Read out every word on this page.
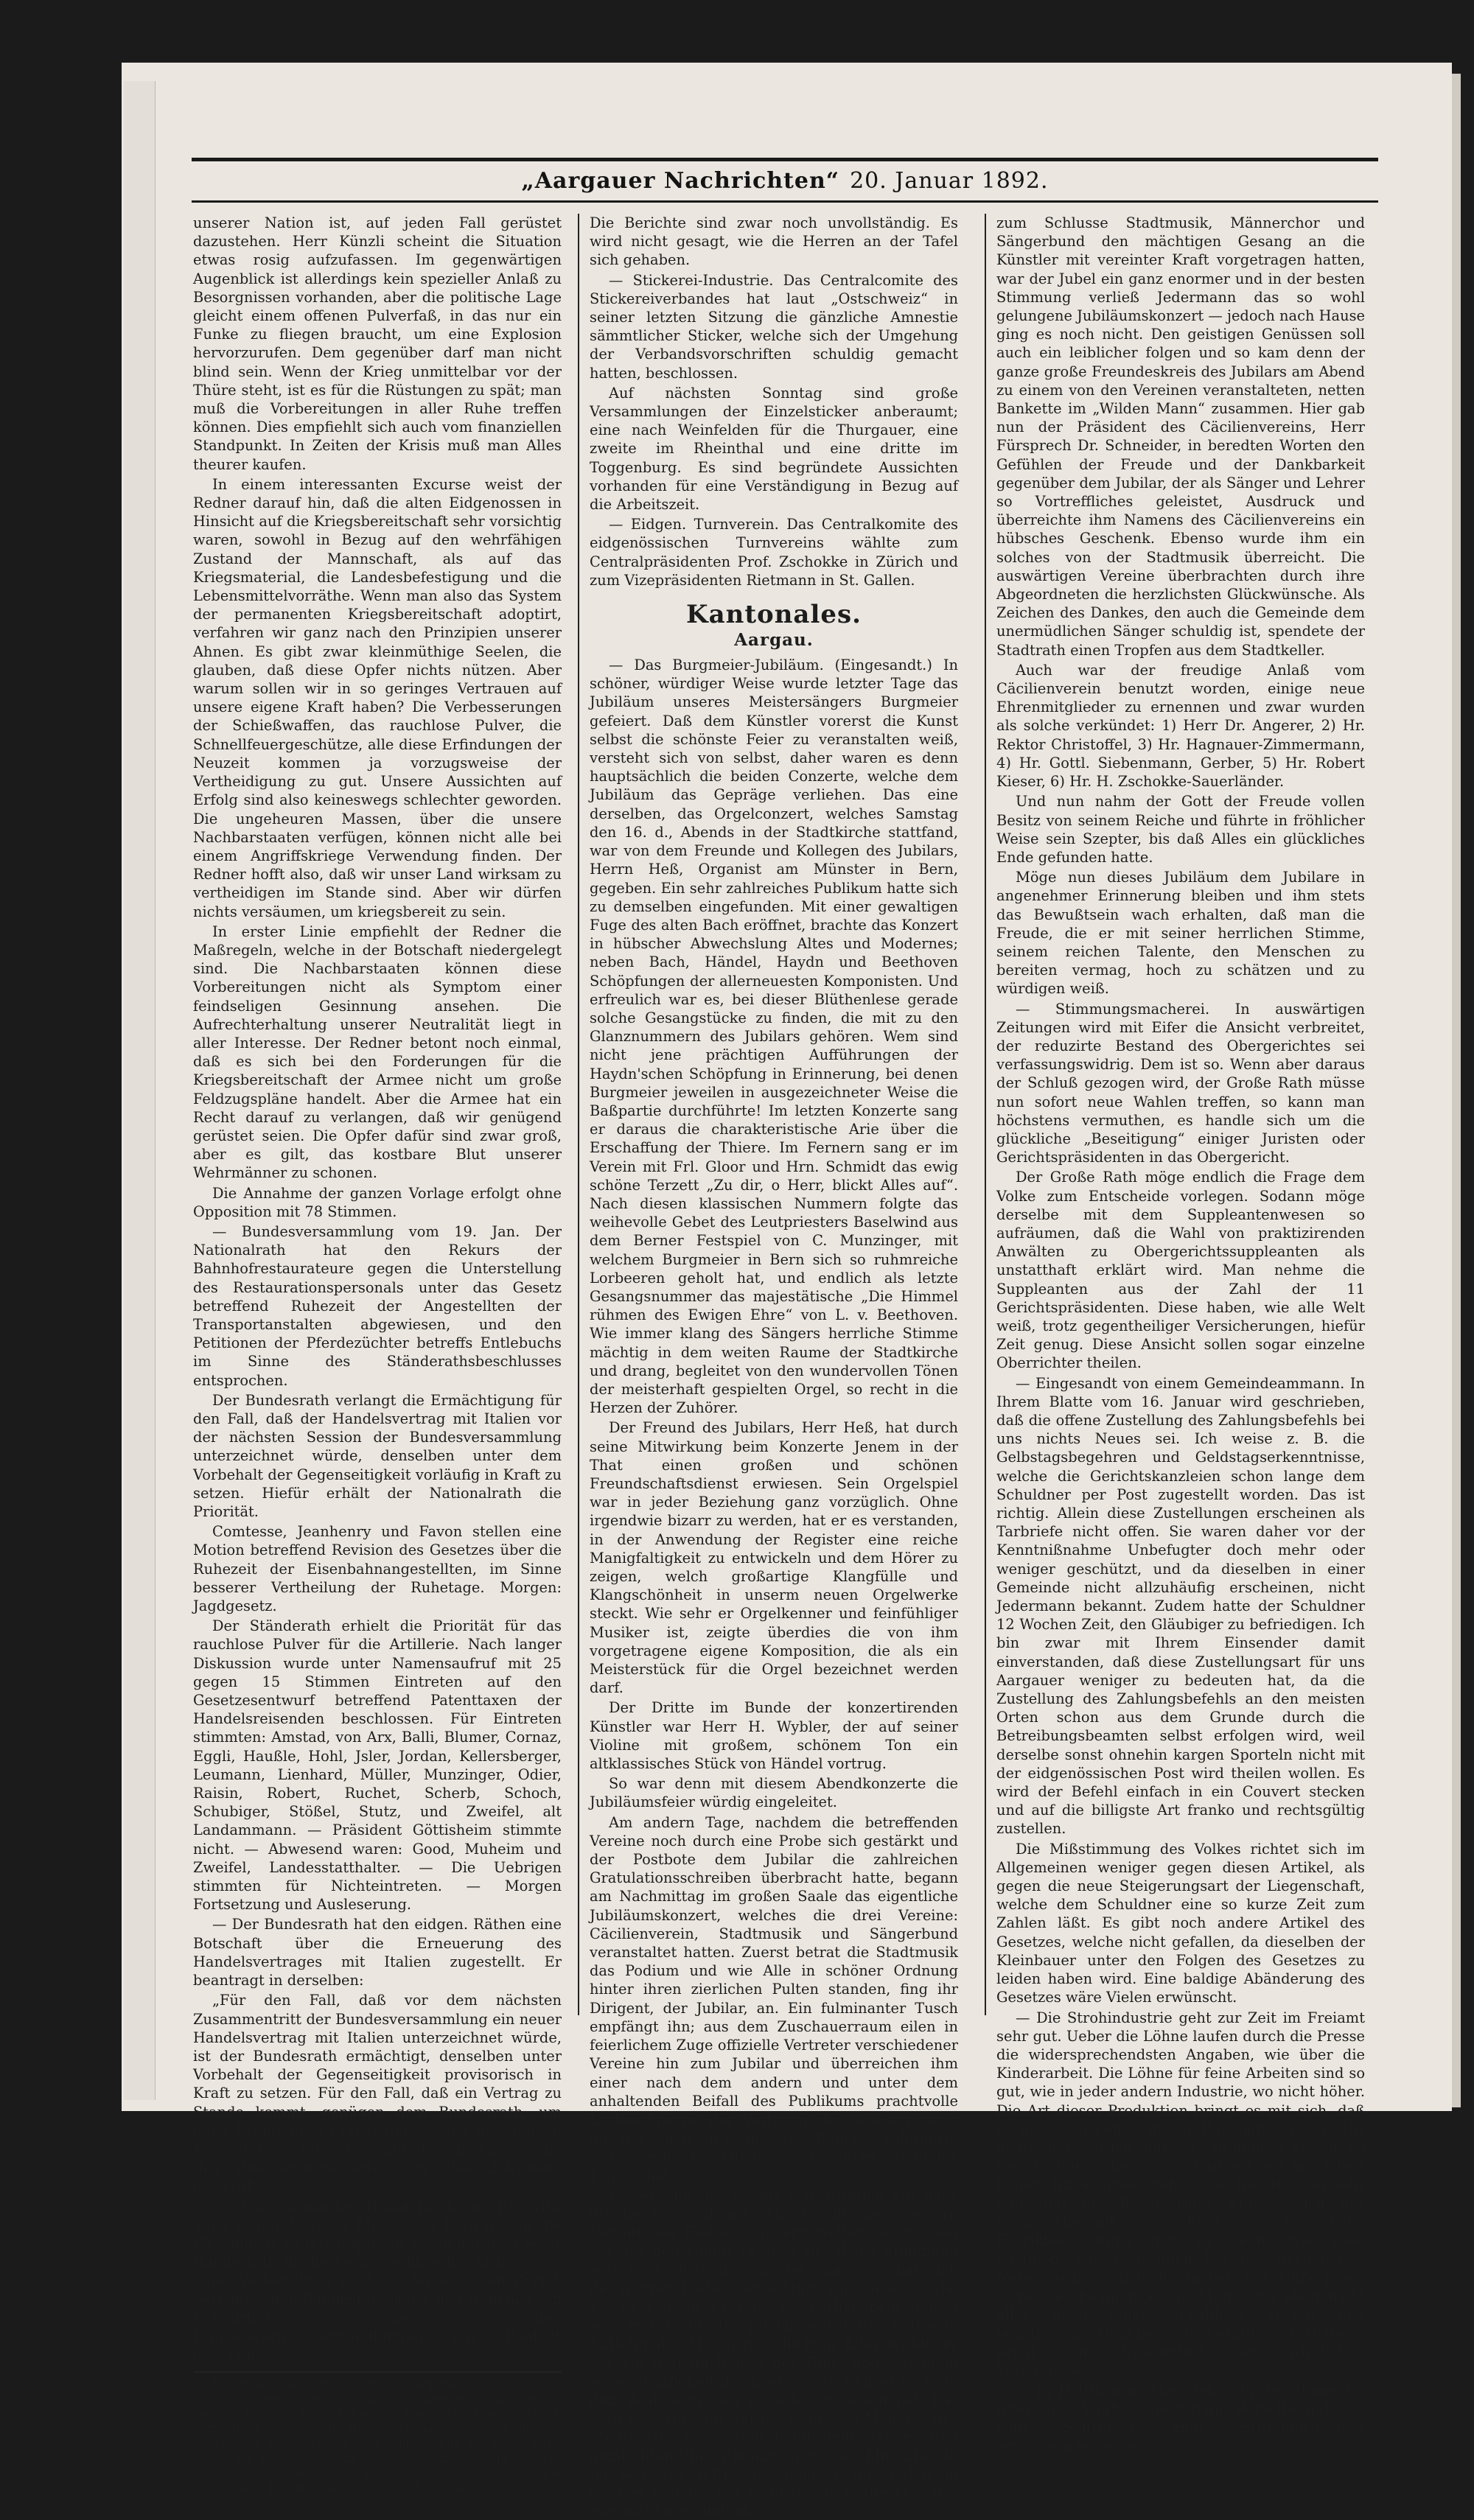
„Aargauer Nachrichten“ 20. Januar 1892.

unserer Nation ist, auf jeden Fall gerüstet dazustehen. Herr Künzli scheint die Situation etwas rosig aufzufassen. Im gegenwärtigen Augenblick ist allerdings kein spezieller Anlaß zu Besorgnissen vorhanden, aber die politische Lage gleicht einem offenen Pulverfaß, in das nur ein Funke zu fliegen braucht, um eine Explosion hervorzurufen. Dem gegenüber darf man nicht blind sein. Wenn der Krieg unmittelbar vor der Thüre steht, ist es für die Rüstungen zu spät; man muß die Vorbereitungen in aller Ruhe treffen können. Dies empfiehlt sich auch vom finanziellen Standpunkt. In Zeiten der Krisis muß man Alles theurer kaufen.

In einem interessanten Excurse weist der Redner darauf hin, daß die alten Eidgenossen in Hinsicht auf die Kriegsbereitschaft sehr vorsichtig waren, sowohl in Bezug auf den wehrfähigen Zustand der Mannschaft, als auf das Kriegsmaterial, die Landesbefestigung und die Lebensmittelvorräthe. Wenn man also das System der permanenten Kriegsbereitschaft adoptirt, verfahren wir ganz nach den Prinzipien unserer Ahnen. Es gibt zwar kleinmüthige Seelen, die glauben, daß diese Opfer nichts nützen. Aber warum sollen wir in so geringes Vertrauen auf unsere eigene Kraft haben? Die Verbesserungen der Schießwaffen, das rauchlose Pulver, die Schnellfeuergeschütze, alle diese Erfindungen der Neuzeit kommen ja vorzugsweise der Vertheidigung zu gut. Unsere Aussichten auf Erfolg sind also keineswegs schlechter geworden. Die ungeheuren Massen, über die unsere Nachbarstaaten verfügen, können nicht alle bei einem Angriffskriege Verwendung finden. Der Redner hofft also, daß wir unser Land wirksam zu vertheidigen im Stande sind. Aber wir dürfen nichts versäumen, um kriegsbereit zu sein.

In erster Linie empfiehlt der Redner die Maßregeln, welche in der Botschaft niedergelegt sind. Die Nachbarstaaten können diese Vorbereitungen nicht als Symptom einer feindseligen Gesinnung ansehen. Die Aufrechterhaltung unserer Neutralität liegt in aller Interesse. Der Redner betont noch einmal, daß es sich bei den Forderungen für die Kriegsbereitschaft der Armee nicht um große Feldzugspläne handelt. Aber die Armee hat ein Recht darauf zu verlangen, daß wir genügend gerüstet seien. Die Opfer dafür sind zwar groß, aber es gilt, das kostbare Blut unserer Wehrmänner zu schonen.

Die Annahme der ganzen Vorlage erfolgt ohne Opposition mit 78 Stimmen.

— Bundesversammlung vom 19. Jan. Der Nationalrath hat den Rekurs der Bahnhofrestaurateure gegen die Unterstellung des Restaurationspersonals unter das Gesetz betreffend Ruhezeit der Angestellten der Transportanstalten abgewiesen, und den Petitionen der Pferdezüchter betreffs Entlebuchs im Sinne des Ständerathsbeschlusses entsprochen.

Der Bundesrath verlangt die Ermächtigung für den Fall, daß der Handelsvertrag mit Italien vor der nächsten Session der Bundesversammlung unterzeichnet würde, denselben unter dem Vorbehalt der Gegenseitigkeit vorläufig in Kraft zu setzen. Hiefür erhält der Nationalrath die Priorität.

Comtesse, Jeanhenry und Favon stellen eine Motion betreffend Revision des Gesetzes über die Ruhezeit der Eisenbahnangestellten, im Sinne besserer Vertheilung der Ruhetage. Morgen: Jagdgesetz.

Der Ständerath erhielt die Priorität für das rauchlose Pulver für die Artillerie. Nach langer Diskussion wurde unter Namensaufruf mit 25 gegen 15 Stimmen Eintreten auf den Gesetzesentwurf betreffend Patenttaxen der Handelsreisenden beschlossen. Für Eintreten stimmten: Amstad, von Arx, Balli, Blumer, Cornaz, Eggli, Haußle, Hohl, Jsler, Jordan, Kellersberger, Leumann, Lienhard, Müller, Munzinger, Odier, Raisin, Robert, Ruchet, Scherb, Schoch, Schubiger, Stößel, Stutz, und Zweifel, alt Landammann. — Präsident Göttisheim stimmte nicht. — Abwesend waren: Good, Muheim und Zweifel, Landesstatthalter. — Die Uebrigen stimmten für Nichteintreten. — Morgen Fortsetzung und Ausleserung.

— Der Bundesrath hat den eidgen. Räthen eine Botschaft über die Erneuerung des Handelsvertrages mit Italien zugestellt. Er beantragt in derselben:

„Für den Fall, daß vor dem nächsten Zusammentritt der Bundesversammlung ein neuer Handelsvertrag mit Italien unterzeichnet würde, ist der Bundesrath ermächtigt, denselben unter Vorbehalt der Gegenseitigkeit provisorisch in Kraft zu setzen. Für den Fall, daß ein Vertrag zu Stande kommt, genügen dem Bundesrath, um jeder Eventualität zu begegnen, seine allgemeinen Kompetenzen im Verein mit denjenigen, welche ihm das Bundesgesetz über das Zollwesen gewährt.“

— Eidgenössische Hofnachrichten. Es wird auch in der Schweiz Mode, von Bern aus in die Welt hinaus zu telegraphiren, wenn der oder jener Bundesrath in die Ferien geht, oder zu der oder jener Verhandlung reist 2c. So wird von Zürich berichtet, der Bundesrath habe den italienischen Delegirten bei den Handelsvertragsverhandlungen ein Bankett gegeben.

Brautstand damit zubringen, uns gegenseitig zu ironisiren, und mit unseren Gefühlen zu experimentiren!, „Ah, das ist Deine Schuld und Deine Erfindung. Aber Du hast mich wirklich allmählig dazu vermocht, dieser Art und Weise auch eigenen Geschmack abzugewinnen. Ich begreife nur den guten Papa nicht, der einem so warm empfindenden Geschöpf wie Dir gegenüber so lange schwankt, statt Dich sofort in die herrlichsten Träume von einem zukünftigen Glück wiegt.“

Die Berichte sind zwar noch unvollständig. Es wird nicht gesagt, wie die Herren an der Tafel sich gehaben.

— Stickerei-Industrie. Das Centralcomite des Stickereiverbandes hat laut „Ostschweiz“ in seiner letzten Sitzung die gänzliche Amnestie sämmtlicher Sticker, welche sich der Umgehung der Verbandsvorschriften schuldig gemacht hatten, beschlossen.

Auf nächsten Sonntag sind große Versammlungen der Einzelsticker anberaumt; eine nach Weinfelden für die Thurgauer, eine zweite im Rheinthal und eine dritte im Toggenburg. Es sind begründete Aussichten vorhanden für eine Verständigung in Bezug auf die Arbeitszeit.

— Eidgen. Turnverein. Das Centralkomite des eidgenössischen Turnvereins wählte zum Centralpräsidenten Prof. Zschokke in Zürich und zum Vizepräsidenten Rietmann in St. Gallen.

Kantonales.
Aargau.

— Das Burgmeier-Jubiläum. (Eingesandt.) In schöner, würdiger Weise wurde letzter Tage das Jubiläum unseres Meistersängers Burgmeier gefeiert. Daß dem Künstler vorerst die Kunst selbst die schönste Feier zu veranstalten weiß, versteht sich von selbst, daher waren es denn hauptsächlich die beiden Conzerte, welche dem Jubiläum das Gepräge verliehen. Das eine derselben, das Orgelconzert, welches Samstag den 16. d., Abends in der Stadtkirche stattfand, war von dem Freunde und Kollegen des Jubilars, Herrn Heß, Organist am Münster in Bern, gegeben. Ein sehr zahlreiches Publikum hatte sich zu demselben eingefunden. Mit einer gewaltigen Fuge des alten Bach eröffnet, brachte das Konzert in hübscher Abwechslung Altes und Modernes; neben Bach, Händel, Haydn und Beethoven Schöpfungen der allerneuesten Komponisten. Und erfreulich war es, bei dieser Blüthenlese gerade solche Gesangstücke zu finden, die mit zu den Glanznummern des Jubilars gehören. Wem sind nicht jene prächtigen Aufführungen der Haydn'schen Schöpfung in Erinnerung, bei denen Burgmeier jeweilen in ausgezeichneter Weise die Baßpartie durchführte! Im letzten Konzerte sang er daraus die charakteristische Arie über die Erschaffung der Thiere. Im Fernern sang er im Verein mit Frl. Gloor und Hrn. Schmidt das ewig schöne Terzett „Zu dir, o Herr, blickt Alles auf“. Nach diesen klassischen Nummern folgte das weihevolle Gebet des Leutpriesters Baselwind aus dem Berner Festspiel von C. Munzinger, mit welchem Burgmeier in Bern sich so ruhmreiche Lorbeeren geholt hat, und endlich als letzte Gesangsnummer das majestätische „Die Himmel rühmen des Ewigen Ehre“ von L. v. Beethoven. Wie immer klang des Sängers herrliche Stimme mächtig in dem weiten Raume der Stadtkirche und drang, begleitet von den wundervollen Tönen der meisterhaft gespielten Orgel, so recht in die Herzen der Zuhörer.

Der Freund des Jubilars, Herr Heß, hat durch seine Mitwirkung beim Konzerte Jenem in der That einen großen und schönen Freundschaftsdienst erwiesen. Sein Orgelspiel war in jeder Beziehung ganz vorzüglich. Ohne irgendwie bizarr zu werden, hat er es verstanden, in der Anwendung der Register eine reiche Manigfaltigkeit zu entwickeln und dem Hörer zu zeigen, welch großartige Klangfülle und Klangschönheit in unserm neuen Orgelwerke steckt. Wie sehr er Orgelkenner und feinfühliger Musiker ist, zeigte überdies die von ihm vorgetragene eigene Komposition, die als ein Meisterstück für die Orgel bezeichnet werden darf.

Der Dritte im Bunde der konzertirenden Künstler war Herr H. Wybler, der auf seiner Violine mit großem, schönem Ton ein altklassisches Stück von Händel vortrug.

So war denn mit diesem Abendkonzerte die Jubiläumsfeier würdig eingeleitet.

Am andern Tage, nachdem die betreffenden Vereine noch durch eine Probe sich gestärkt und der Postbote dem Jubilar die zahlreichen Gratulationsschreiben überbracht hatte, begann am Nachmittag im großen Saale das eigentliche Jubiläumskonzert, welches die drei Vereine: Cäcilienverein, Stadtmusik und Sängerbund veranstaltet hatten. Zuerst betrat die Stadtmusik das Podium und wie Alle in schöner Ordnung hinter ihren zierlichen Pulten standen, fing ihr Dirigent, der Jubilar, an. Ein fulminanter Tusch empfängt ihn; aus dem Zuschauerraum eilen in feierlichem Zuge offizielle Vertreter verschiedener Vereine hin zum Jubilar und überreichen ihm einer nach dem andern und unter dem anhaltenden Beifall des Publikums prachtvolle Lorbeerkränze, der Vertreter des Gesangvereins aus der einstigen Heimat des Jubilars, Solothurn, sogar ein krystallenes, in Silber gefaßtes Trinkgefäß.

Dieser einleitende Akt war wirklich ein ganz erhebender und wir wissen nun den weitern Verlauf des Festes schildern wollen, so müssen wir uns neuerdings in diese gehobene Stimmung versetzen, denn die gleiche Stimmung hat sich des ganzen Festes bemächtigt. Gingen schon die Vorträge der drei Vereine in so erhabenem Styl, so war erst recht der Jubilar selbst der gefeierte Mittelpunkt. Mit unermüdlichem Eifer wirkte er wie ein Gott im Reiche der Töne, und was er in seiner Thätigkeit geleistet, zeigte sich so recht in dem Andenken, das er sich geschaffen hat. Nie wird er vergessen werden in unsern Mauern. Der Stadtmusik, dem Sängerbund, dem Männer- und gemischten Chor, die alle einzeln als Mitwirkende im Konzerte auftraten, spendete das Publikum reichen Beifall. Den Männerchor wollte es sogar zweimal haben und als

zum Schlusse Stadtmusik, Männerchor und Sängerbund den mächtigen Gesang an die Künstler mit vereinter Kraft vorgetragen hatten, war der Jubel ein ganz enormer und in der besten Stimmung verließ Jedermann das so wohl gelungene Jubiläumskonzert — jedoch nach Hause ging es noch nicht. Den geistigen Genüssen soll auch ein leiblicher folgen und so kam denn der ganze große Freundeskreis des Jubilars am Abend zu einem von den Vereinen veranstalteten, netten Bankette im „Wilden Mann“ zusammen. Hier gab nun der Präsident des Cäcilienvereins, Herr Fürsprech Dr. Schneider, in beredten Worten den Gefühlen der Freude und der Dankbarkeit gegenüber dem Jubilar, der als Sänger und Lehrer so Vortreffliches geleistet, Ausdruck und überreichte ihm Namens des Cäcilienvereins ein hübsches Geschenk. Ebenso wurde ihm ein solches von der Stadtmusik überreicht. Die auswärtigen Vereine überbrachten durch ihre Abgeordneten die herzlichsten Glückwünsche. Als Zeichen des Dankes, den auch die Gemeinde dem unermüdlichen Sänger schuldig ist, spendete der Stadtrath einen Tropfen aus dem Stadtkeller.

Auch war der freudige Anlaß vom Cäcilienverein benutzt worden, einige neue Ehrenmitglieder zu ernennen und zwar wurden als solche verkündet: 1) Herr Dr. Angerer, 2) Hr. Rektor Christoffel, 3) Hr. Hagnauer-Zimmermann, 4) Hr. Gottl. Siebenmann, Gerber, 5) Hr. Robert Kieser, 6) Hr. H. Zschokke-Sauerländer.

Und nun nahm der Gott der Freude vollen Besitz von seinem Reiche und führte in fröhlicher Weise sein Szepter, bis daß Alles ein glückliches Ende gefunden hatte.

Möge nun dieses Jubiläum dem Jubilare in angenehmer Erinnerung bleiben und ihm stets das Bewußtsein wach erhalten, daß man die Freude, die er mit seiner herrlichen Stimme, seinem reichen Talente, den Menschen zu bereiten vermag, hoch zu schätzen und zu würdigen weiß.

— Stimmungsmacherei. In auswärtigen Zeitungen wird mit Eifer die Ansicht verbreitet, der reduzirte Bestand des Obergerichtes sei verfassungswidrig. Dem ist so. Wenn aber daraus der Schluß gezogen wird, der Große Rath müsse nun sofort neue Wahlen treffen, so kann man höchstens vermuthen, es handle sich um die glückliche „Beseitigung“ einiger Juristen oder Gerichtspräsidenten in das Obergericht.

Der Große Rath möge endlich die Frage dem Volke zum Entscheide vorlegen. Sodann möge derselbe mit dem Suppleantenwesen so aufräumen, daß die Wahl von praktizirenden Anwälten zu Obergerichtssuppleanten als unstatthaft erklärt wird. Man nehme die Suppleanten aus der Zahl der 11 Gerichtspräsidenten. Diese haben, wie alle Welt weiß, trotz gegentheiliger Versicherungen, hiefür Zeit genug. Diese Ansicht sollen sogar einzelne Oberrichter theilen.

— Eingesandt von einem Gemeindeammann. In Ihrem Blatte vom 16. Januar wird geschrieben, daß die offene Zustellung des Zahlungsbefehls bei uns nichts Neues sei. Ich weise z. B. die Gelbstagsbegehren und Geldstagserkenntnisse, welche die Gerichtskanzleien schon lange dem Schuldner per Post zugestellt worden. Das ist richtig. Allein diese Zustellungen erscheinen als Tarbriefe nicht offen. Sie waren daher vor der Kenntnißnahme Unbefugter doch mehr oder weniger geschützt, und da dieselben in einer Gemeinde nicht allzuhäufig erscheinen, nicht Jedermann bekannt. Zudem hatte der Schuldner 12 Wochen Zeit, den Gläubiger zu befriedigen. Ich bin zwar mit Ihrem Einsender damit einverstanden, daß diese Zustellungsart für uns Aargauer weniger zu bedeuten hat, da die Zustellung des Zahlungsbefehls an den meisten Orten schon aus dem Grunde durch die Betreibungsbeamten selbst erfolgen wird, weil derselbe sonst ohnehin kargen Sporteln nicht mit der eidgenössischen Post wird theilen wollen. Es wird der Befehl einfach in ein Couvert stecken und auf die billigste Art franko und rechtsgültig zustellen.

Die Mißstimmung des Volkes richtet sich im Allgemeinen weniger gegen diesen Artikel, als gegen die neue Steigerungsart der Liegenschaft, welche dem Schuldner eine so kurze Zeit zum Zahlen läßt. Es gibt noch andere Artikel des Gesetzes, welche nicht gefallen, da dieselben der Kleinbauer unter den Folgen des Gesetzes zu leiden haben wird. Eine baldige Abänderung des Gesetzes wäre Vielen erwünscht.

— Die Strohindustrie geht zur Zeit im Freiamt sehr gut. Ueber die Löhne laufen durch die Presse die widersprechendsten Angaben, wie über die Kinderarbeit. Die Löhne für feine Arbeiten sind so gut, wie in jeder andern Industrie, wo nicht höher. Die Art dieser Produktion bringt es mit sich, daß zu gewissen Zeiten in der Hausindustrie so sehr gearbeitet werden muß, als zu andern Zeiten, so von Kindern, die jetzt allerdings solche Arbeit haben. Im Sommer steht diese Industrie so sehr still und die Bevölkerung widmet sich der Landwirthschaft. Eine eigentliche Fabrikbevölkerung gibt es nicht, wie viele Familien, wie begreiflich bei der bezüglichen Nebenverdienst gänzlich gelöst sind. Ohne jenen wäre dies kaum möglich. Man kann eben nicht alles nach einer Schablone ziehen und beurtheilen. Manches der bezüglichen Urtheile zeugt von Unkenntniß der wirklichen Verhältnisse.

— In Dottikon ist Herr Jakob Furter-Stäger im Alter von 45 Jahren gestorben. Derselbe hat sich vom Schreiner zum Strohfabrikanten emporgearbeitet. —
